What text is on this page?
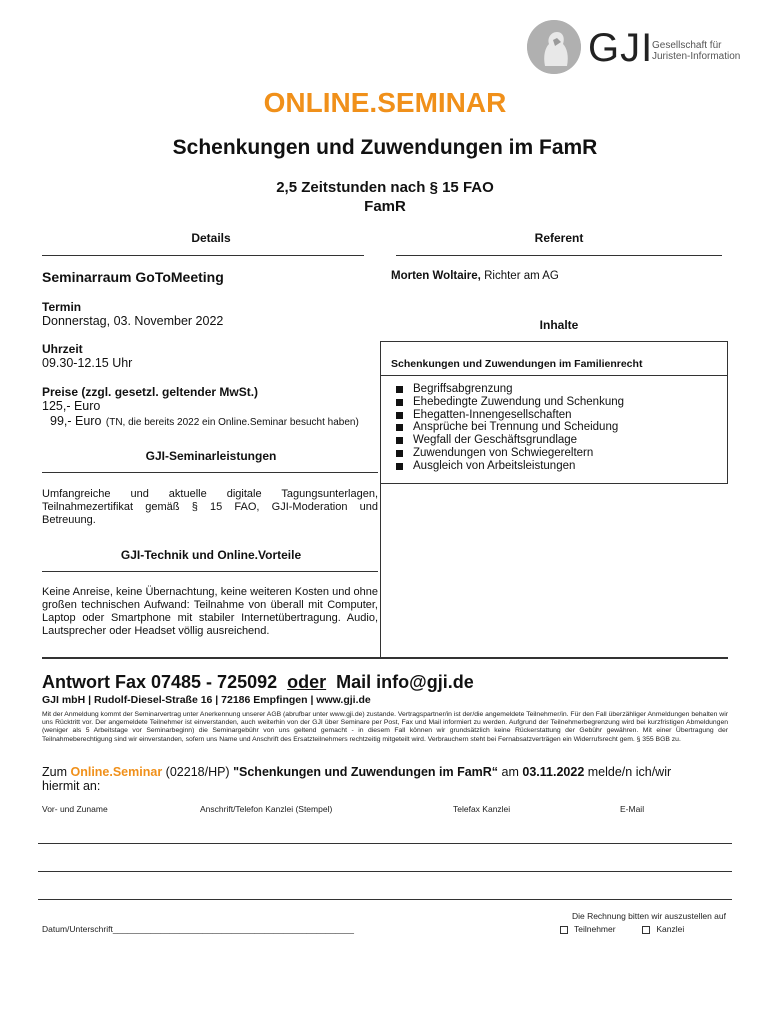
GJI
Gesellschaft für
Juristen-Information
ONLINE.SEMINAR
Schenkungen und Zuwendungen im FamR
2,5 Zeitstunden nach § 15 FAO
FamR
Details	Referent
Seminarraum GoToMeeting
Termin
Donnerstag, 03. November 2022
Uhrzeit
09.30-12.15 Uhr
Preise (zzgl. gesetzl. geltender MwSt.)
125,- Euro
99,- Euro (TN, die bereits 2022 ein Online.Seminar besucht haben)
GJI-Seminarleistungen
Umfangreiche und aktuelle digitale Tagungsunterlagen, Teilnahmezertifikat gemäß § 15 FAO, GJI-Moderation und Betreuung.
GJI-Technik und Online.Vorteile
Keine Anreise, keine Übernachtung, keine weiteren Kosten und ohne großen technischen Aufwand: Teilnahme von überall mit Computer, Laptop oder Smartphone mit stabiler Internetübertragung. Audio, Lautsprecher oder Headset völlig ausreichend.
Morten Woltaire, Richter am AG
Inhalte
Schenkungen und Zuwendungen im Familienrecht
Begriffsabgrenzung
Ehebedingte Zuwendung und Schenkung
Ehegatten-Innengesellschaften
Ansprüche bei Trennung und Scheidung
Wegfall der Geschäftsgrundlage
Zuwendungen von Schwiegereltern
Ausgleich von Arbeitsleistungen
Antwort Fax 07485 - 725092 oder Mail info@gji.de
GJI mbH | Rudolf-Diesel-Straße 16 | 72186 Empfingen | www.gji.de
Mit der Anmeldung kommt der Seminarvertrag unter Anerkennung unserer AGB (abrufbar unter www.gji.de) zustande. Vertragspartner/in ist der/die angemeldete Teilnehmer/in. Für den Fall überzähliger Anmeldungen behalten wir uns Rücktritt vor. Der angemeldete Teilnehmer ist einverstanden, auch weiterhin von der GJI über Seminare per Post, Fax und Mail informiert zu werden. Aufgrund der Teilnehmerbegrenzung wird bei kurzfristigen Abmeldungen (weniger als 5 Arbeitstage vor Seminarbeginn) die Seminargebühr von uns geltend gemacht - in diesem Fall können wir grundsätzlich keine Rückerstattung der Gebühr gewähren. Mit einer Übertragung der Teilnahmeberechtigung sind wir einverstanden, sofern uns Name und Anschrift des Ersatzteilnehmers rechtzeitig mitgeteilt wird. Verbrauchern steht bei Fernabsatzverträgen ein Widerrufsrecht gem. § 355 BGB zu.
Zum Online.Seminar (02218/HP) "Schenkungen und Zuwendungen im FamR“ am 03.11.2022 melde/n ich/wir
hiermit an:
Vor- und Zuname	Anschrift/Telefon Kanzlei (Stempel)	Telefax Kanzlei	E-Mail
Datum/Unterschrift___________________________________________________
Die Rechnung bitten wir auszustellen auf
Teilnehmer	Kanzlei
